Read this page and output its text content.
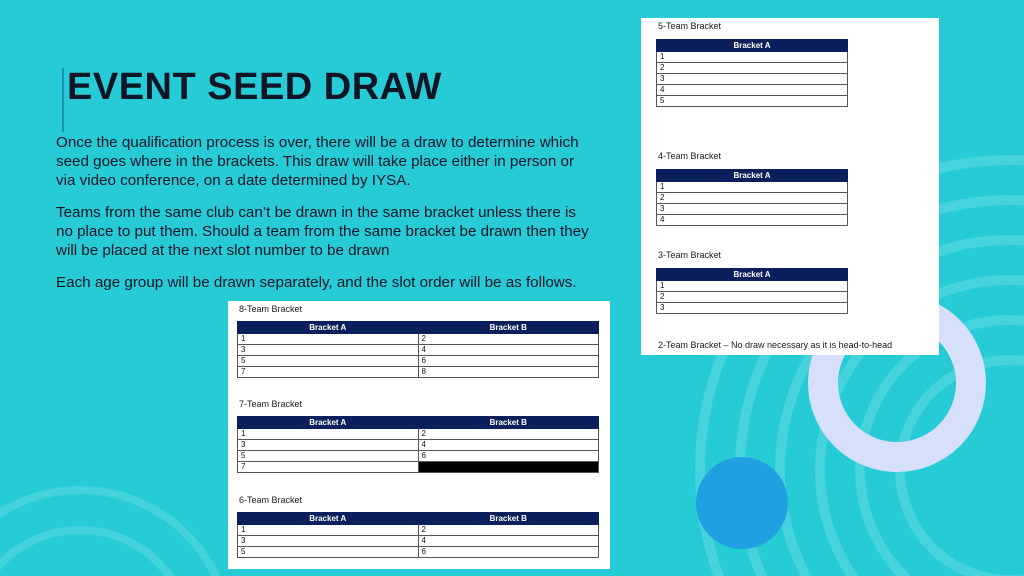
EVENT SEED DRAW

Once the qualification process is over, there will be a draw to determine which seed goes where in the brackets. This draw will take place either in person or via video conference, on a date determined by IYSA.

Teams from the same club can’t be drawn in the same bracket unless there is no place to put them. Should a team from the same bracket be drawn then they will be placed at the next slot number to be drawn

Each age group will be drawn separately, and the slot order will be as follows.

8-Team Bracket
Bracket A	Bracket B
1	2
3	4
5	6
7	8
7-Team Bracket
Bracket A	Bracket B
1	2
3	4
5	6
7	
6-Team Bracket
Bracket A	Bracket B
1	2
3	4
5	6
5-Team Bracket
Bracket A
1
2
3
4
5
4-Team Bracket
Bracket A
1
2
3
4
3-Team Bracket
Bracket A
1
2
3
2-Team Bracket – No draw necessary as it is head-to-head
